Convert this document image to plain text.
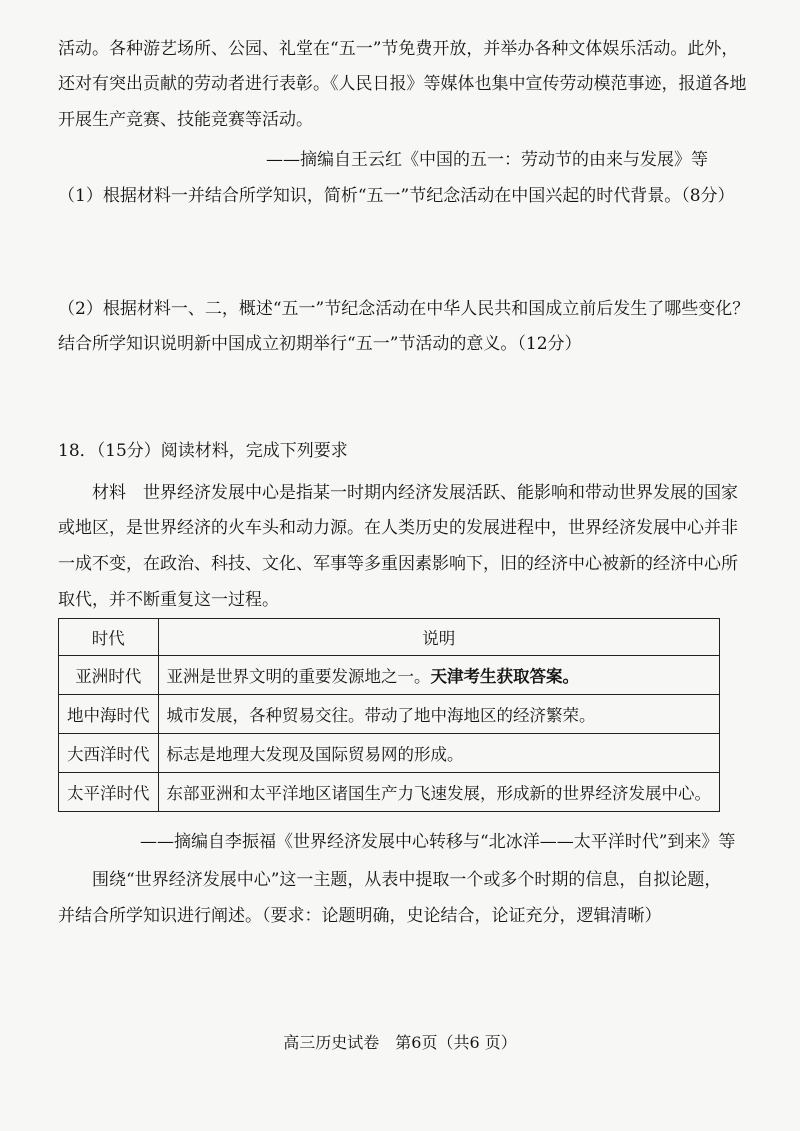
活动。各种游艺场所、公园、礼堂在“五一”节免费开放，并举办各种文体娱乐活动。此外，
还对有突出贡献的劳动者进行表彰。《人民日报》等媒体也集中宣传劳动模范事迹，报道各地
开展生产竞赛、技能竞赛等活动。
——摘编自王云红《中国的五一：劳动节的由来与发展》等
（1）根据材料一并结合所学知识，简析“五一”节纪念活动在中国兴起的时代背景。（8分）
（2）根据材料一、二，概述“五一”节纪念活动在中华人民共和国成立前后发生了哪些变化？
结合所学知识说明新中国成立初期举行“五一”节活动的意义。（12分）
18．（15分）阅读材料，完成下列要求
材料　世界经济发展中心是指某一时期内经济发展活跃、能影响和带动世界发展的国家
或地区，是世界经济的火车头和动力源。在人类历史的发展进程中，世界经济发展中心并非
一成不变，在政治、科技、文化、军事等多重因素影响下，旧的经济中心被新的经济中心所
取代，并不断重复这一过程。
时代	说明
亚洲时代	亚洲是世界文明的重要发源地之一。天津考生获取答案。
地中海时代	城市发展，各种贸易交往。带动了地中海地区的经济繁荣。
大西洋时代	标志是地理大发现及国际贸易网的形成。
太平洋时代	东部亚洲和太平洋地区诸国生产力飞速发展，形成新的世界经济发展中心。
——摘编自李振福《世界经济发展中心转移与“北冰洋——太平洋时代”到来》等
围绕“世界经济发展中心”这一主题，从表中提取一个或多个时期的信息，自拟论题，
并结合所学知识进行阐述。（要求：论题明确，史论结合，论证充分，逻辑清晰）
高三历史试卷　第6页（共6 页）
